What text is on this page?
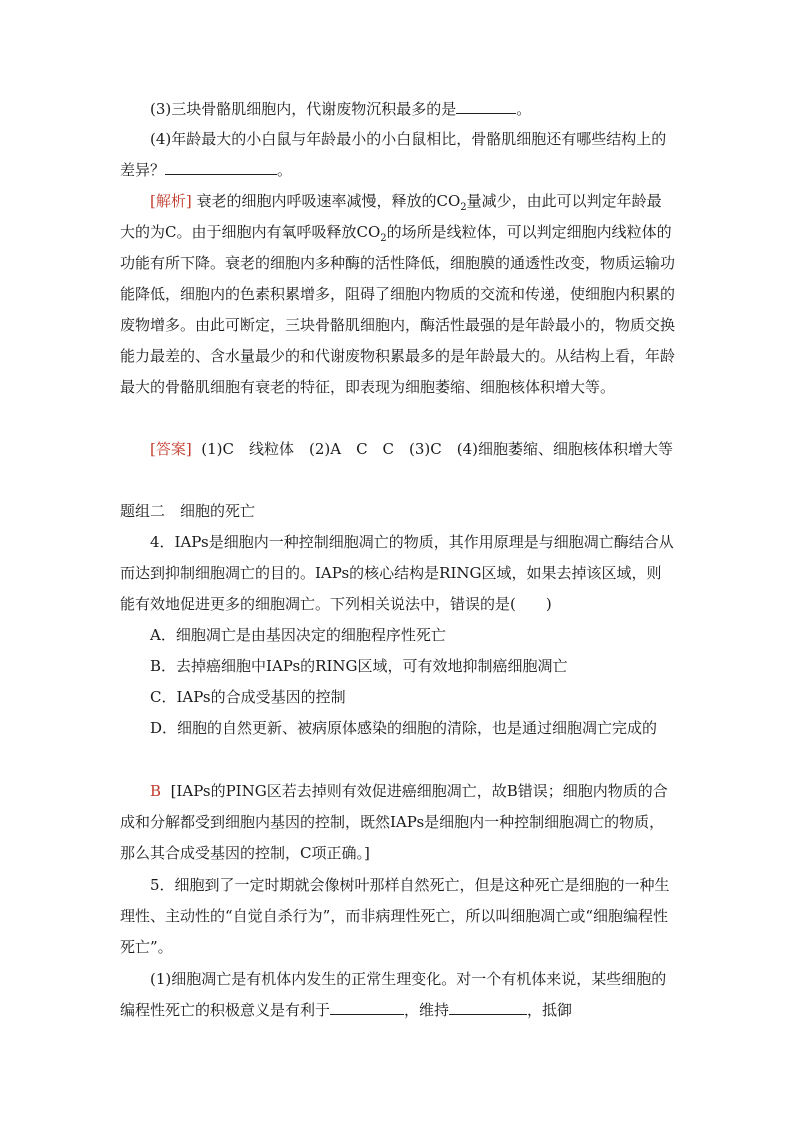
(3)三块骨骼肌细胞内，代谢废物沉积最多的是	。

(4)年龄最大的小白鼠与年龄最小的小白鼠相比，骨骼肌细胞还有哪些结构上的差异？	。

[解析] 衰老的细胞内呼吸速率减慢，释放的$CO_2$量减少，由此可以判定年龄最大的为C。由于细胞内有氧呼吸释放$CO_2$的场所是线粒体，可以判定细胞内线粒体的功能有所下降。衰老的细胞内多种酶的活性降低，细胞膜的通透性改变，物质运输功能降低，细胞内的色素积累增多，阻碍了细胞内物质的交流和传递，使细胞内积累的废物增多。由此可断定，三块骨骼肌细胞内，酶活性最强的是年龄最小的，物质交换能力最差的、含水量最少的和代谢废物积累最多的是年龄最大的。从结构上看，年龄最大的骨骼肌细胞有衰老的特征，即表现为细胞萎缩、细胞核体积增大等。

[答案] (1)C　线粒体　(2)A　C　C　(3)C　(4)细胞萎缩、细胞核体积增大等

题组二　细胞的死亡

4．IAPs是细胞内一种控制细胞凋亡的物质，其作用原理是与细胞凋亡酶结合从而达到抑制细胞凋亡的目的。IAPs的核心结构是RING区域，如果去掉该区域，则能有效地促进更多的细胞凋亡。下列相关说法中，错误的是(　　)

A．细胞凋亡是由基因决定的细胞程序性死亡

B．去掉癌细胞中IAPs的RING区域，可有效地抑制癌细胞凋亡

C．IAPs的合成受基因的控制

D．细胞的自然更新、被病原体感染的细胞的清除，也是通过细胞凋亡完成的

B [IAPs的PING区若去掉则有效促进癌细胞凋亡，故B错误；细胞内物质的合成和分解都受到细胞内基因的控制，既然IAPs是细胞内一种控制细胞凋亡的物质，那么其合成受基因的控制，C项正确。]

5．细胞到了一定时期就会像树叶那样自然死亡，但是这种死亡是细胞的一种生理性、主动性的“自觉自杀行为”，而非病理性死亡，所以叫细胞凋亡或“细胞编程性死亡”。

(1)细胞凋亡是有机体内发生的正常生理变化。对一个有机体来说，某些细胞的编程性死亡的积极意义是有利于	，维持	，抵御
